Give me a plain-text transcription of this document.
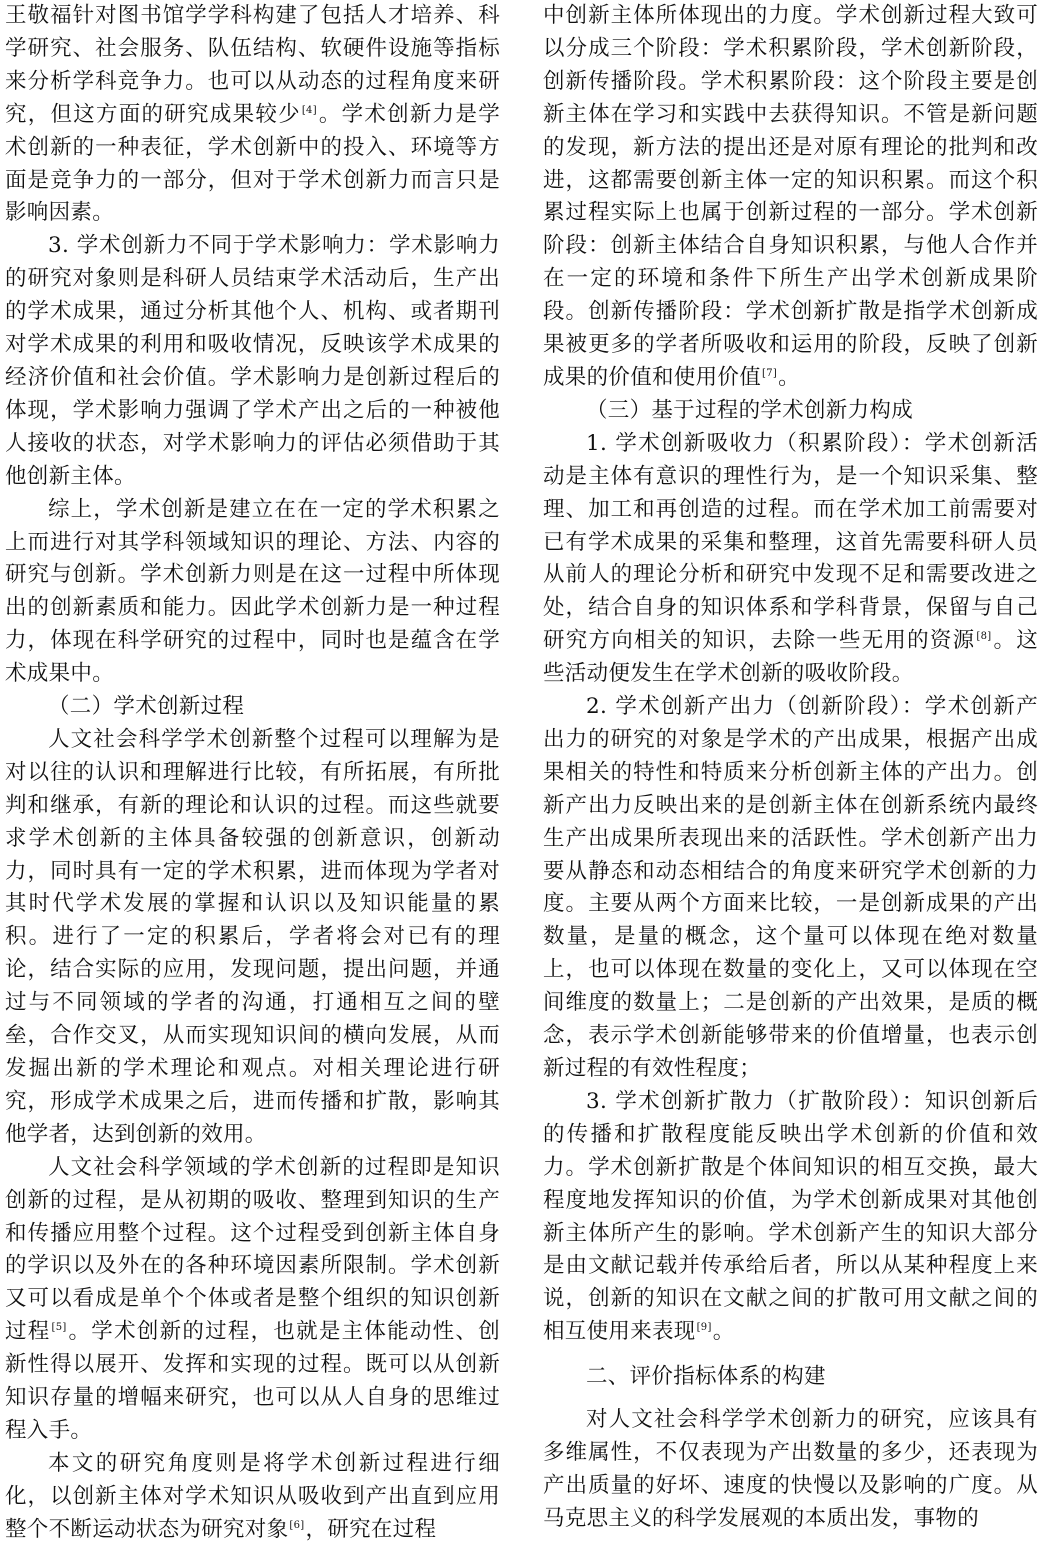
王敬福针对图书馆学学科构建了包括人才培养、科学研究、社会服务、队伍结构、软硬件设施等指标来分析学科竞争力。也可以从动态的过程角度来研究，但这方面的研究成果较少[4]。学术创新力是学术创新的一种表征，学术创新中的投入、环境等方面是竞争力的一部分，但对于学术创新力而言只是影响因素。

3. 学术创新力不同于学术影响力：学术影响力的研究对象则是科研人员结束学术活动后，生产出的学术成果，通过分析其他个人、机构、或者期刊对学术成果的利用和吸收情况，反映该学术成果的经济价值和社会价值。学术影响力是创新过程后的体现，学术影响力强调了学术产出之后的一种被他人接收的状态，对学术影响力的评估必须借助于其他创新主体。

综上，学术创新是建立在在一定的学术积累之上而进行对其学科领域知识的理论、方法、内容的研究与创新。学术创新力则是在这一过程中所体现出的创新素质和能力。因此学术创新力是一种过程力，体现在科学研究的过程中，同时也是蕴含在学术成果中。

（二）学术创新过程

人文社会科学学术创新整个过程可以理解为是对以往的认识和理解进行比较，有所拓展，有所批判和继承，有新的理论和认识的过程。而这些就要求学术创新的主体具备较强的创新意识，创新动力，同时具有一定的学术积累，进而体现为学者对其时代学术发展的掌握和认识以及知识能量的累积。进行了一定的积累后，学者将会对已有的理论，结合实际的应用，发现问题，提出问题，并通过与不同领域的学者的沟通，打通相互之间的壁垒，合作交叉，从而实现知识间的横向发展，从而发掘出新的学术理论和观点。对相关理论进行研究，形成学术成果之后，进而传播和扩散，影响其他学者，达到创新的效用。

人文社会科学领域的学术创新的过程即是知识创新的过程，是从初期的吸收、整理到知识的生产和传播应用整个过程。这个过程受到创新主体自身的学识以及外在的各种环境因素所限制。学术创新又可以看成是单个个体或者是整个组织的知识创新过程[5]。学术创新的过程，也就是主体能动性、创新性得以展开、发挥和实现的过程。既可以从创新知识存量的增幅来研究，也可以从人自身的思维过程入手。

本文的研究角度则是将学术创新过程进行细化，以创新主体对学术知识从吸收到产出直到应用整个不断运动状态为研究对象[6]，研究在过程

中创新主体所体现出的力度。学术创新过程大致可以分成三个阶段：学术积累阶段，学术创新阶段，创新传播阶段。学术积累阶段：这个阶段主要是创新主体在学习和实践中去获得知识。不管是新问题的发现，新方法的提出还是对原有理论的批判和改进，这都需要创新主体一定的知识积累。而这个积累过程实际上也属于创新过程的一部分。学术创新阶段：创新主体结合自身知识积累，与他人合作并在一定的环境和条件下所生产出学术创新成果阶段。创新传播阶段：学术创新扩散是指学术创新成果被更多的学者所吸收和运用的阶段，反映了创新成果的价值和使用价值[7]。

（三）基于过程的学术创新力构成

1. 学术创新吸收力（积累阶段）：学术创新活动是主体有意识的理性行为，是一个知识采集、整理、加工和再创造的过程。而在学术加工前需要对已有学术成果的采集和整理，这首先需要科研人员从前人的理论分析和研究中发现不足和需要改进之处，结合自身的知识体系和学科背景，保留与自己研究方向相关的知识，去除一些无用的资源[8]。这些活动便发生在学术创新的吸收阶段。

2. 学术创新产出力（创新阶段）：学术创新产出力的研究的对象是学术的产出成果，根据产出成果相关的特性和特质来分析创新主体的产出力。创新产出力反映出来的是创新主体在创新系统内最终生产出成果所表现出来的活跃性。学术创新产出力要从静态和动态相结合的角度来研究学术创新的力度。主要从两个方面来比较，一是创新成果的产出数量，是量的概念，这个量可以体现在绝对数量上，也可以体现在数量的变化上，又可以体现在空间维度的数量上；二是创新的产出效果，是质的概念，表示学术创新能够带来的价值增量，也表示创新过程的有效性程度；

3. 学术创新扩散力（扩散阶段）：知识创新后的传播和扩散程度能反映出学术创新的价值和效力。学术创新扩散是个体间知识的相互交换，最大程度地发挥知识的价值，为学术创新成果对其他创新主体所产生的影响。学术创新产生的知识大部分是由文献记载并传承给后者，所以从某种程度上来说，创新的知识在文献之间的扩散可用文献之间的相互使用来表现[9]。

二、评价指标体系的构建

对人文社会科学学术创新力的研究，应该具有多维属性，不仅表现为产出数量的多少，还表现为产出质量的好坏、速度的快慢以及影响的广度。从马克思主义的科学发展观的本质出发，事物的
